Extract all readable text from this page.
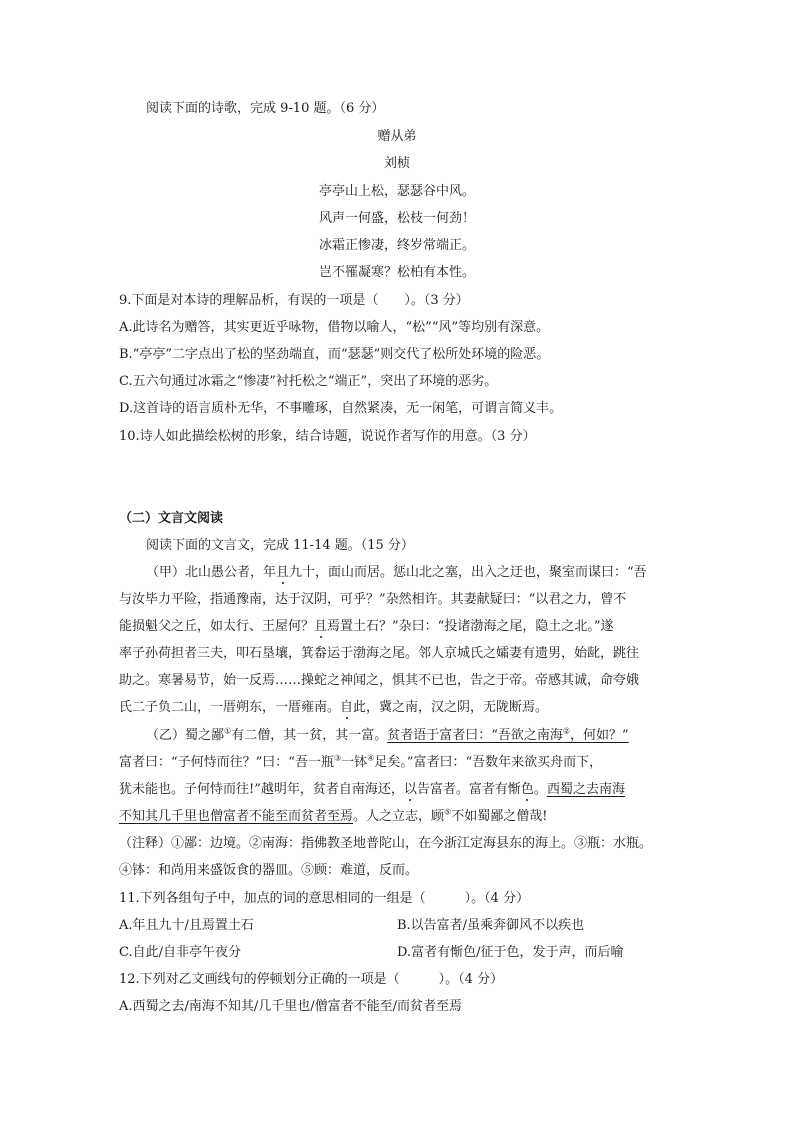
阅读下面的诗歌，完成 9-10 题。（6 分）
赠从弟
刘桢
亭亭山上松，瑟瑟谷中风。
风声一何盛，松枝一何劲！
冰霜正惨凄，终岁常端正。
岂不罹凝寒？松柏有本性。
9.下面是对本诗的理解品析，有误的一项是（　　）。（3 分）
A.此诗名为赠答，其实更近乎咏物，借物以喻人，“松”“风”等均别有深意。
B.“亭亭”二字点出了松的坚劲端直，而“瑟瑟”则交代了松所处环境的险恶。
C.五六句通过冰霜之“惨凄”衬托松之“端正”，突出了环境的恶劣。
D.这首诗的语言质朴无华，不事雕琢，自然紧凑，无一闲笔，可谓言简义丰。
10.诗人如此描绘松树的形象，结合诗题，说说作者写作的用意。（3 分）
（二）文言文阅读
阅读下面的文言文，完成 11-14 题。（15 分）
（甲）北山愚公者，年且九十，面山而居。惩山北之塞，出入之迂也，聚室而谋曰：“吾
与汝毕力平险，指通豫南，达于汉阴，可乎？”杂然相许。其妻献疑曰：“以君之力，曾不
能损魁父之丘，如太行、王屋何？且焉置土石？”杂曰：“投诸渤海之尾，隐土之北。”遂
率子孙荷担者三夫，叩石垦壤，箕畚运于渤海之尾。邻人京城氏之孀妻有遗男，始龀，跳往
助之。寒暑易节，始一反焉……操蛇之神闻之，惧其不已也，告之于帝。帝感其诚，命夸娥
氏二子负二山，一厝朔东，一厝雍南。自此，冀之南，汉之阴，无陇断焉。
（乙）蜀之鄙①有二僧，其一贫，其一富。贫者语于富者曰：“吾欲之南海②，何如？”
富者曰：“子何恃而往？”曰：“吾一瓶③一钵④足矣。”富者曰：“吾数年来欲买舟而下，
犹未能也。子何恃而往!”越明年，贫者自南海还，以告富者。富者有惭色。西蜀之去南海
不知其几千里也僧富者不能至而贫者至焉。人之立志，顾⑤不如蜀鄙之僧哉!
（注释）①鄙：边境。②南海：指佛教圣地普陀山，在今浙江定海县东的海上。③瓶：水瓶。
④钵：和尚用来盛饭食的器皿。⑤顾：难道，反而。
11.下列各组句子中，加点的词的意思相同的一组是（　　　）。（4 分）
A.年且九十/且焉置土石	B.以告富者/虽乘奔御风不以疾也
C.自此/自非亭午夜分	D.富者有惭色/征于色，发于声，而后喻
12.下列对乙文画线句的停顿划分正确的一项是（　　　）。（4 分）
A.西蜀之去/南海不知其/几千里也/僧富者不能至/而贫者至焉
